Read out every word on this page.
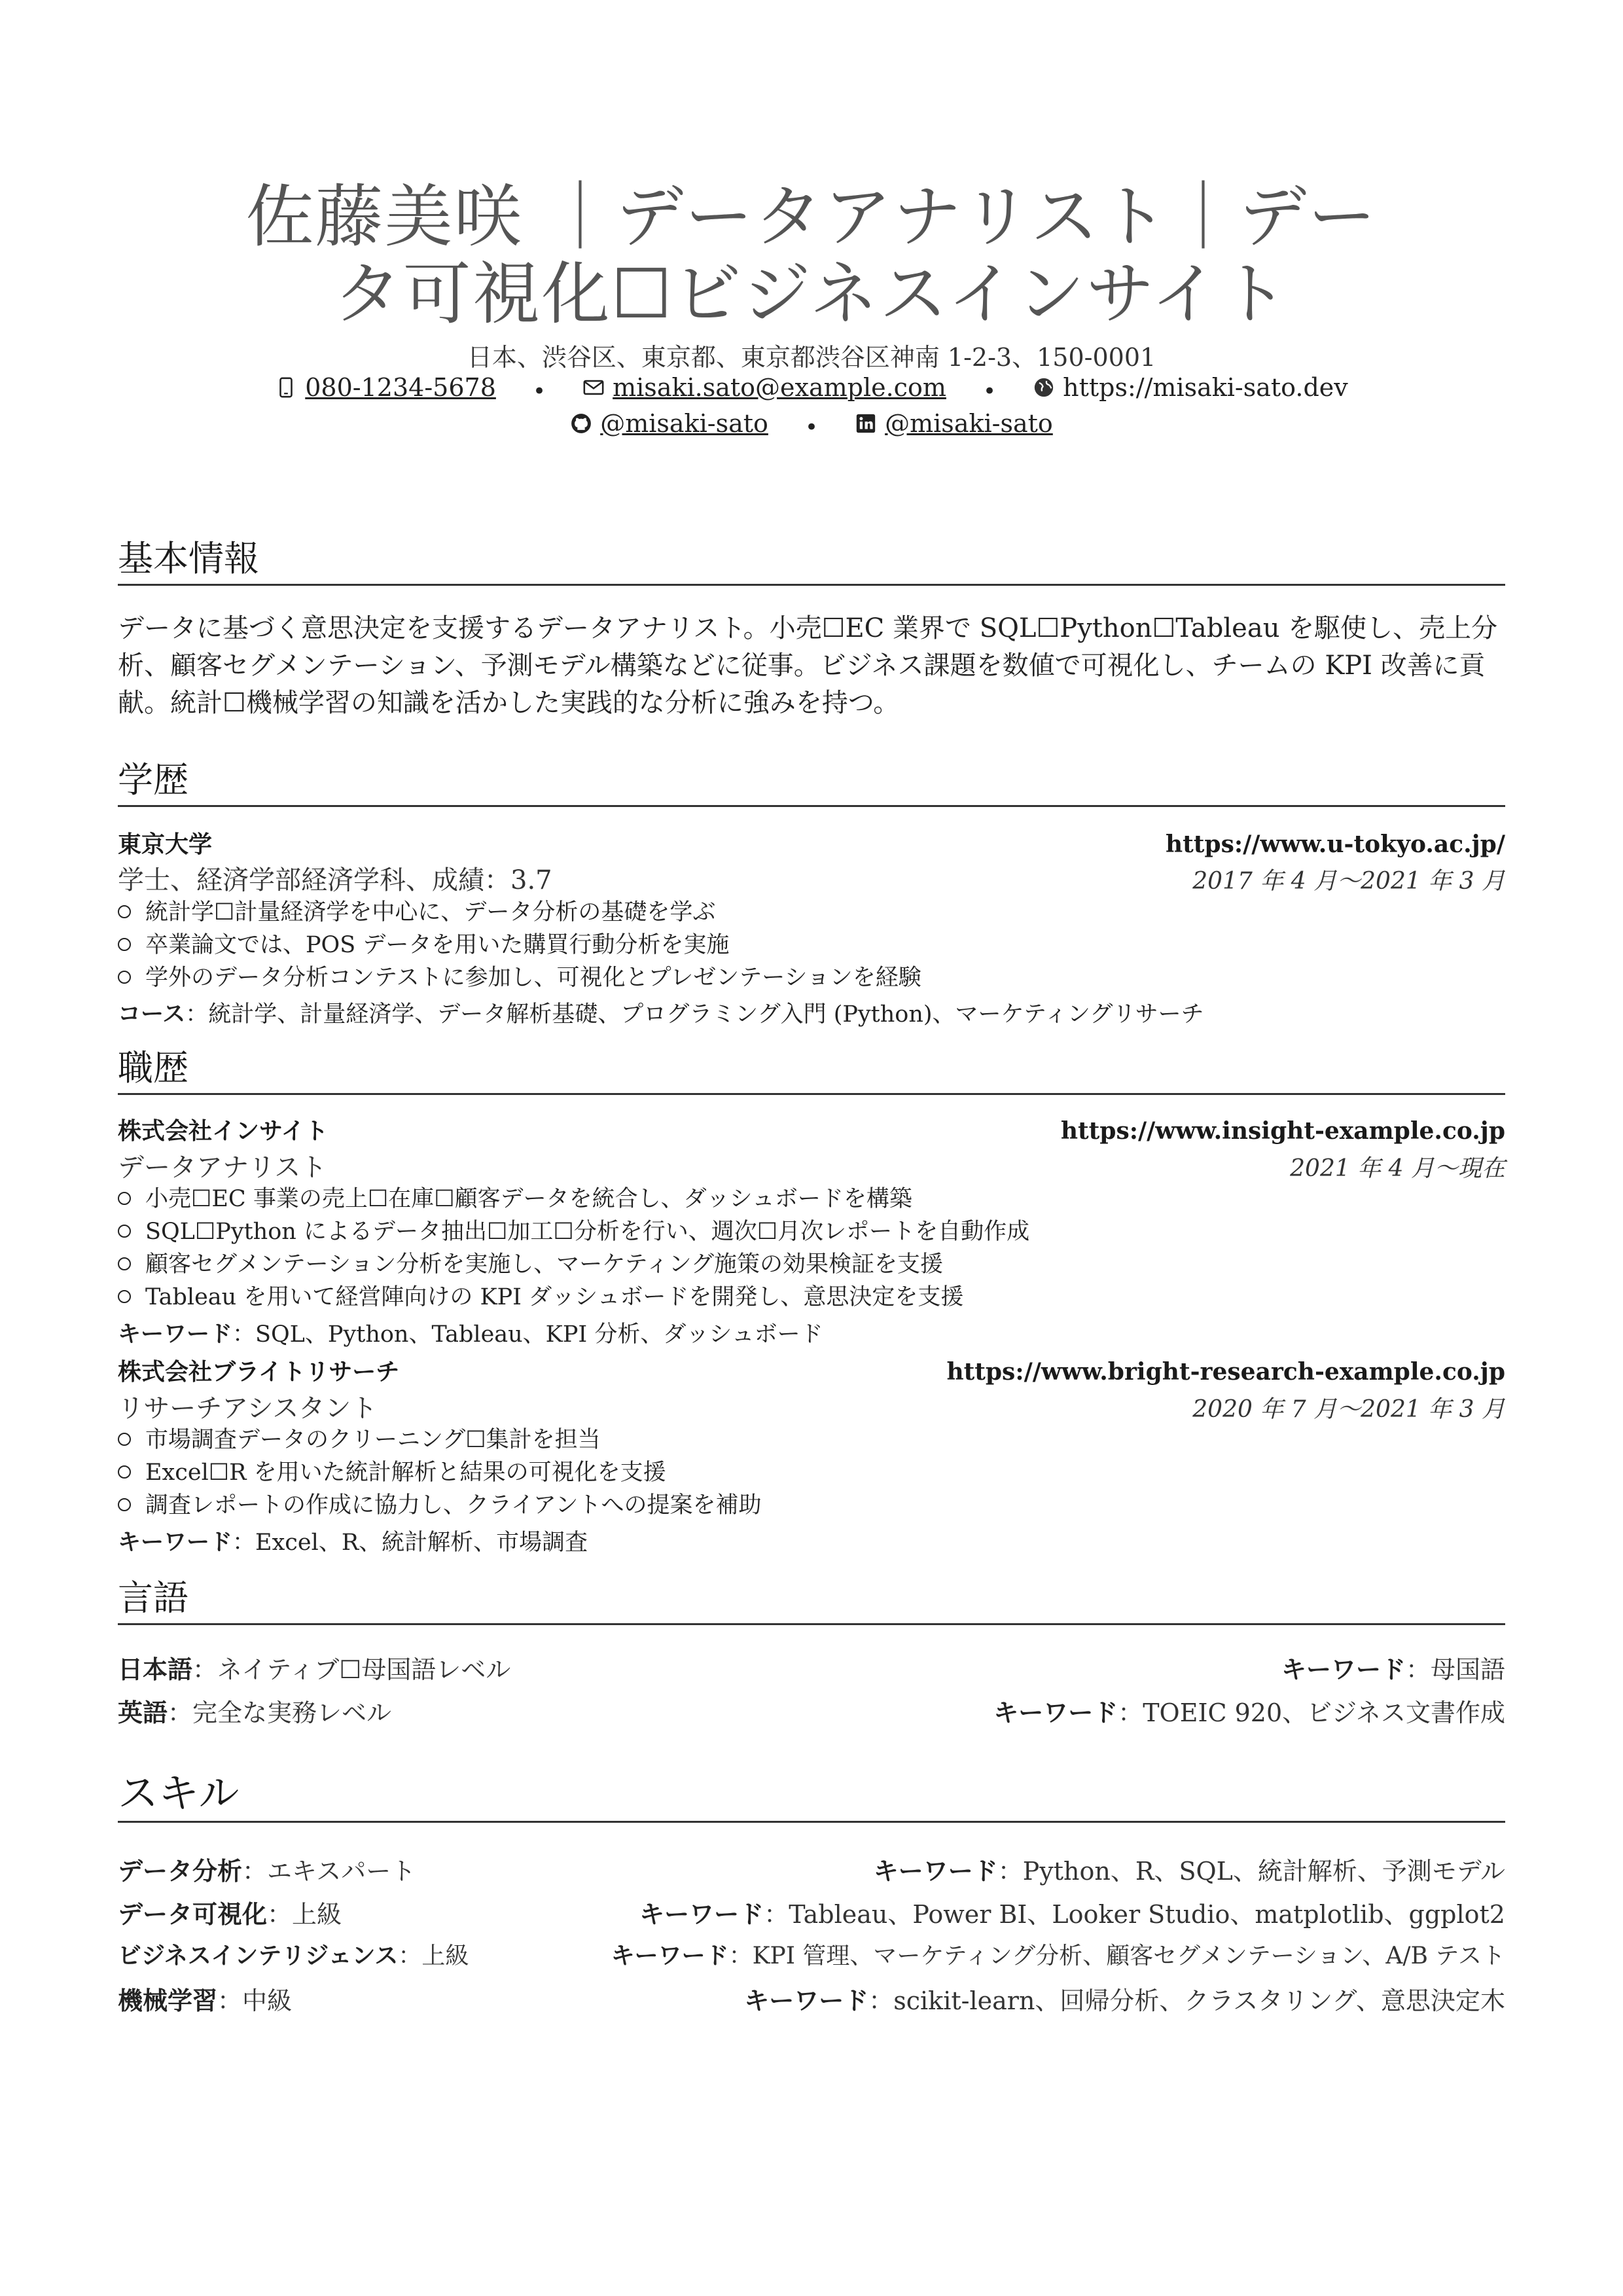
佐藤美咲 ｜データアナリスト｜デー
タ可視化☐ビジネスインサイト
日本、渋谷区、東京都、東京都渋谷区神南 1-2-3、150-0001
080-1234-5678 •	misaki.sato@example.com •	https://misaki-sato.dev
@misaki-sato •	@misaki-sato
基本情報
データに基づく意思決定を支援するデータアナリスト。小売☐EC 業界で SQL☐Python☐Tableau を駆使し、売上分
析、顧客セグメンテーション、予測モデル構築などに従事。ビジネス課題を数値で可視化し、チームの KPI 改善に貢
献。統計☐機械学習の知識を活かした実践的な分析に強みを持つ。
学歴
東京大学	https://www.u-tokyo.ac.jp/
学士、経済学部経済学科、成績：3.7	2017 年 4 月〜2021 年 3 月
統計学☐計量経済学を中心に、データ分析の基礎を学ぶ
卒業論文では、POS データを用いた購買行動分析を実施
学外のデータ分析コンテストに参加し、可視化とプレゼンテーションを経験
コース：統計学、計量経済学、データ解析基礎、プログラミング入門 (Python)、マーケティングリサーチ
職歴
株式会社インサイト	https://www.insight-example.co.jp
データアナリスト	2021 年 4 月〜現在
小売☐EC 事業の売上☐在庫☐顧客データを統合し、ダッシュボードを構築
SQL☐Python によるデータ抽出☐加工☐分析を行い、週次☐月次レポートを自動作成
顧客セグメンテーション分析を実施し、マーケティング施策の効果検証を支援
Tableau を用いて経営陣向けの KPI ダッシュボードを開発し、意思決定を支援
キーワード：SQL、Python、Tableau、KPI 分析、ダッシュボード
株式会社ブライトリサーチ	https://www.bright-research-example.co.jp
リサーチアシスタント	2020 年 7 月〜2021 年 3 月
市場調査データのクリーニング☐集計を担当
Excel☐R を用いた統計解析と結果の可視化を支援
調査レポートの作成に協力し、クライアントへの提案を補助
キーワード：Excel、R、統計解析、市場調査
言語
日本語：ネイティブ☐母国語レベル	キーワード：母国語
英語：完全な実務レベル	キーワード：TOEIC 920、ビジネス文書作成
スキル
データ分析：エキスパート	キーワード：Python、R、SQL、統計解析、予測モデル
データ可視化：上級	キーワード：Tableau、Power BI、Looker Studio、matplotlib、ggplot2
ビジネスインテリジェンス：上級	キーワード：KPI 管理、マーケティング分析、顧客セグメンテーション、A/B テスト
機械学習：中級	キーワード：scikit-learn、回帰分析、クラスタリング、意思決定木
